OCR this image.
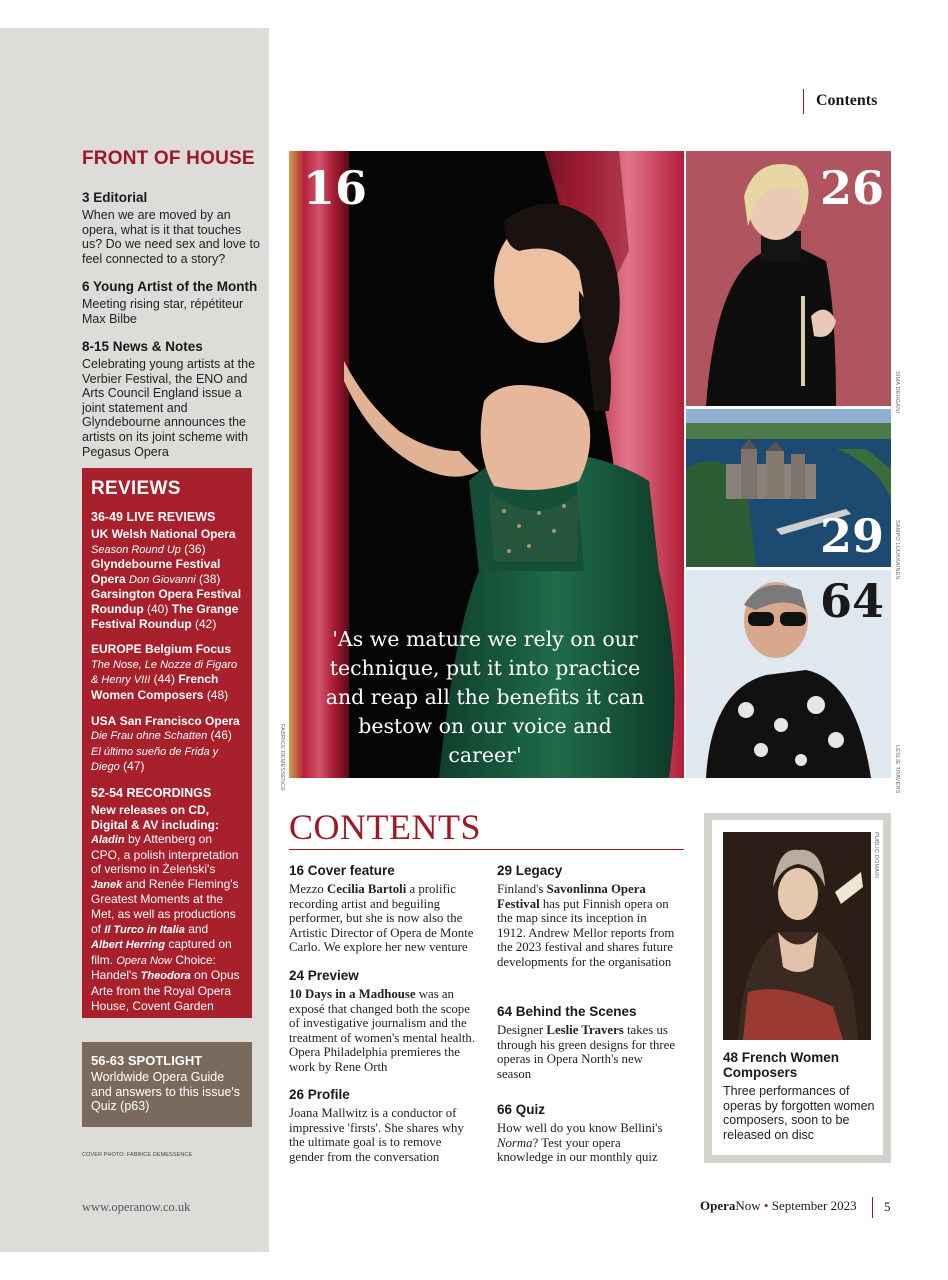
FRONT OF HOUSE
3 Editorial

When we are moved by an opera, what is it that touches us? Do we need sex and love to feel connected to a story?

6 Young Artist of the Month

Meeting rising star, répétiteur Max Bilbe

8-15 News & Notes

Celebrating young artists at the Verbier Festival, the ENO and Arts Council England issue a joint statement and Glyndebourne announces the artists on its joint scheme with Pegasus Opera

REVIEWS
36-49 LIVE REVIEWS

UK Welsh National Opera Season Round Up (36) Glyndebourne Festival Opera Don Giovanni (38) Garsington Opera Festival Roundup (40) The Grange Festival Roundup (42)

EUROPE Belgium Focus The Nose, Le Nozze di Figaro & Henry VIII (44) French Women Composers (48)

USA San Francisco Opera Die Frau ohne Schatten (46) El último sueño de Frida y Diego (47)

52-54 RECORDINGS

New releases on CD, Digital & AV including: Aladin by Attenberg on CPO, a polish interpretation of verismo in Żeleński's Janek and Renée Fleming's Greatest Moments at the Met, as well as productions of Il Turco in Italia and Albert Herring captured on film. Opera Now Choice: Handel's Theodora on Opus Arte from the Royal Opera House, Covent Garden

56-63 SPOTLIGHT

Worldwide Opera Guide and answers to this issue's Quiz (p63)

COVER PHOTO: FABRICE DEMESSENCE
www.operanow.co.uk
Contents
16
'As we mature we rely on our technique, put it into practice and reap all the benefits it can bestow on our voice and career'
FABRICE DEMESSENCE
26
SIMA DEHGANI
29 SAMPO LUUKKAINEN
64
LESLIE TRAVERS
CONTENTS
16 Cover feature

Mezzo Cecilia Bartoli a prolific recording artist and beguiling performer, but she is now also the Artistic Director of Opera de Monte Carlo. We explore her new venture

24 Preview

10 Days in a Madhouse was an exposé that changed both the scope of investigative journalism and the treatment of women's mental health. Opera Philadelphia premieres the work by Rene Orth

26 Profile

Joana Mallwitz is a conductor of impressive 'firsts'. She shares why the ultimate goal is to remove gender from the conversation

29 Legacy

Finland's Savonlinna Opera Festival has put Finnish opera on the map since its inception in 1912. Andrew Mellor reports from the 2023 festival and shares future developments for the organisation

64 Behind the Scenes

Designer Leslie Travers takes us through his green designs for three operas in Opera North's new season

66 Quiz

How well do you know Bellini's Norma? Test your opera knowledge in our monthly quiz

PUBLIC DOMAIN
48 French Women Composers

Three performances of operas by forgotten women composers, soon to be released on disc

OperaNow • September 2023 5
